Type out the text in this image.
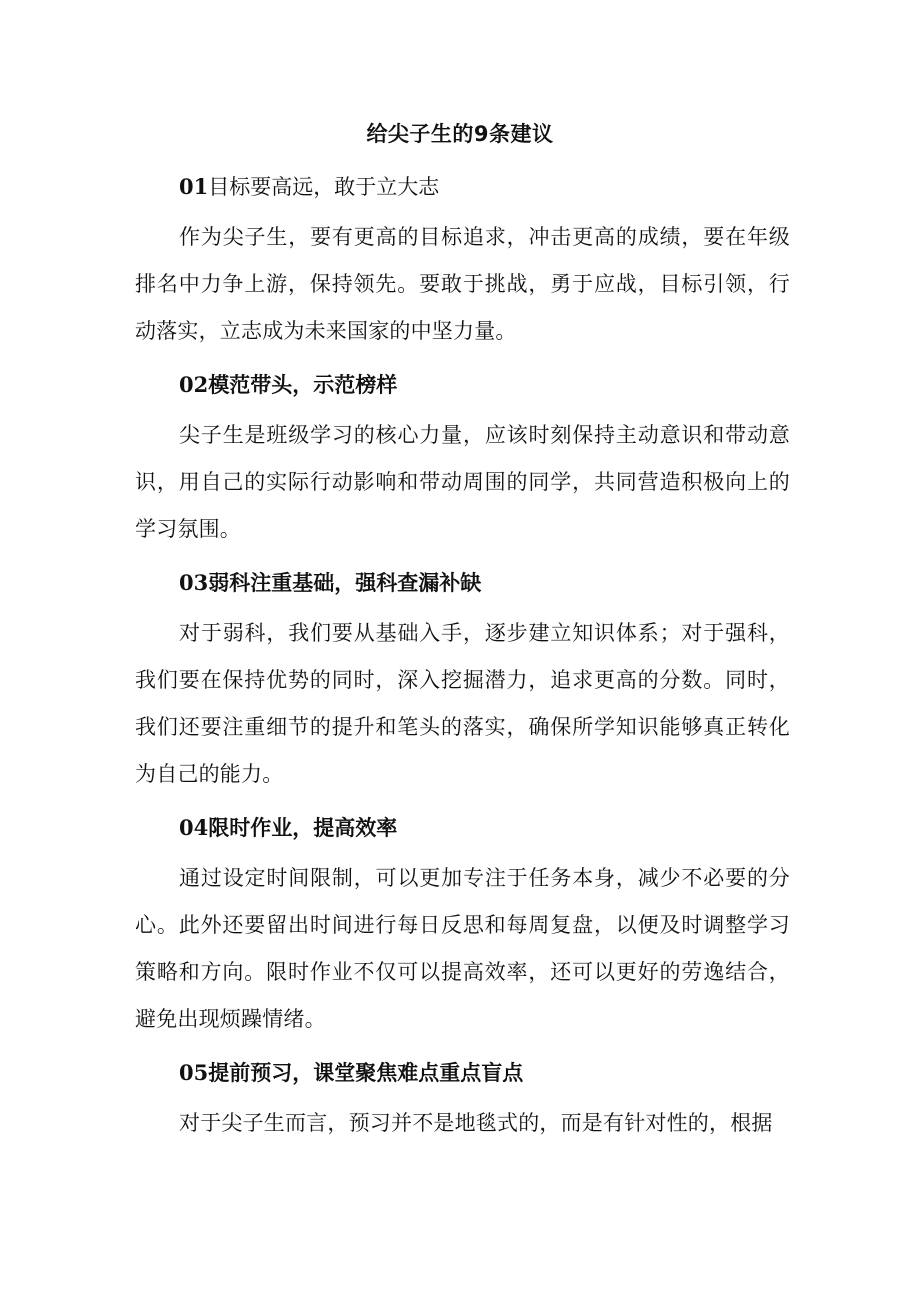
给尖子生的9条建议
01目标要高远，敢于立大志

作为尖子生，要有更高的目标追求，冲击更高的成绩，要在年级排名中力争上游，保持领先。要敢于挑战，勇于应战，目标引领，行动落实，立志成为未来国家的中坚力量。

02模范带头，示范榜样

尖子生是班级学习的核心力量，应该时刻保持主动意识和带动意识，用自己的实际行动影响和带动周围的同学，共同营造积极向上的学习氛围。

03弱科注重基础，强科查漏补缺

对于弱科，我们要从基础入手，逐步建立知识体系；对于强科，我们要在保持优势的同时，深入挖掘潜力，追求更高的分数。同时，我们还要注重细节的提升和笔头的落实，确保所学知识能够真正转化为自己的能力。

04限时作业，提高效率

通过设定时间限制，可以更加专注于任务本身，减少不必要的分心。此外还要留出时间进行每日反思和每周复盘，以便及时调整学习策略和方向。限时作业不仅可以提高效率，还可以更好的劳逸结合，避免出现烦躁情绪。

05提前预习，课堂聚焦难点重点盲点

对于尖子生而言，预习并不是地毯式的，而是有针对性的，根据
